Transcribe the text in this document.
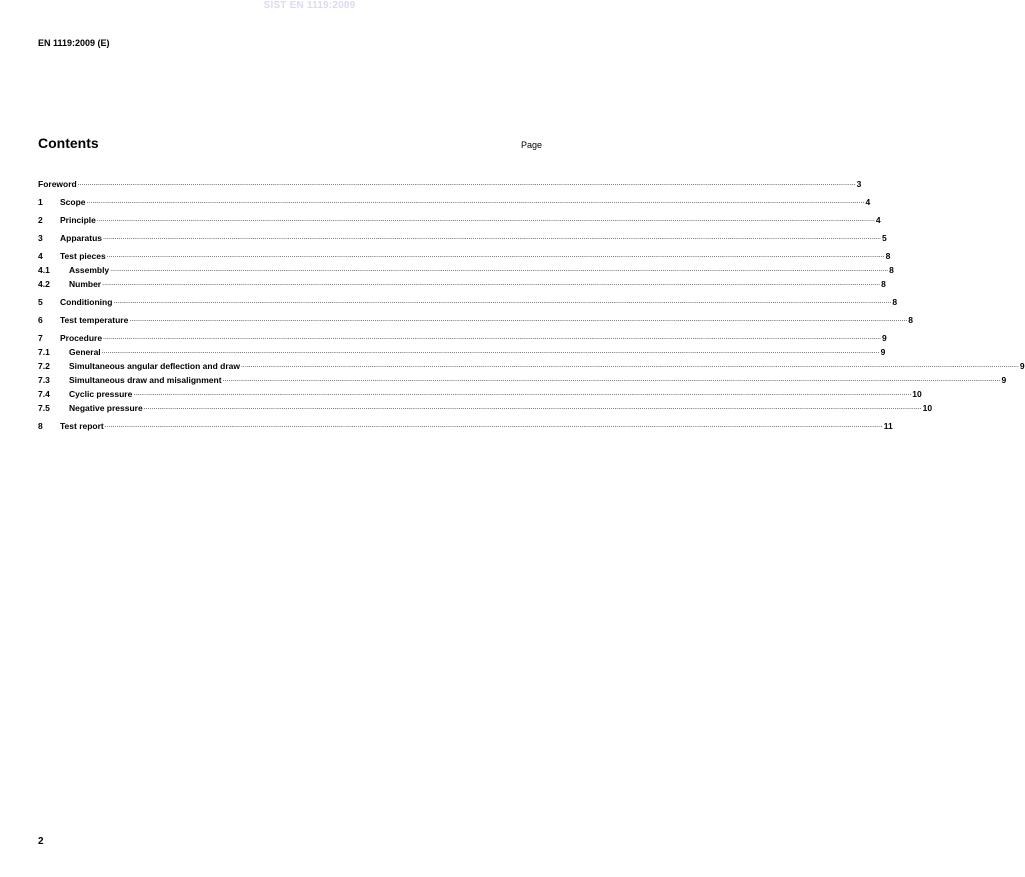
SIST EN 1119:2009
EN 1119:2009 (E)
Contents	Page
Foreword ................................................................................................................................................................................................................................................................................................................................................................................................................ 3
1	Scope ................................................................................................................................................................................................................................................................................................................................................................................................................ 4
2	Principle ................................................................................................................................................................................................................................................................................................................................................................................................................ 4
3	Apparatus ................................................................................................................................................................................................................................................................................................................................................................................................................ 5
4	Test pieces ................................................................................................................................................................................................................................................................................................................................................................................................................ 8
4.1	Assembly ................................................................................................................................................................................................................................................................................................................................................................................................................ 8
4.2	Number ................................................................................................................................................................................................................................................................................................................................................................................................................ 8
5	Conditioning ................................................................................................................................................................................................................................................................................................................................................................................................................ 8
6	Test temperature ................................................................................................................................................................................................................................................................................................................................................................................................................ 8
7	Procedure ................................................................................................................................................................................................................................................................................................................................................................................................................ 9
7.1	General ................................................................................................................................................................................................................................................................................................................................................................................................................ 9
7.2	Simultaneous angular deflection and draw ................................................................................................................................................................................................................................................................................................................................................................................................................ 9
7.3	Simultaneous draw and misalignment ................................................................................................................................................................................................................................................................................................................................................................................................................ 9
7.4	Cyclic pressure ................................................................................................................................................................................................................................................................................................................................................................................................................ 10
7.5	Negative pressure ................................................................................................................................................................................................................................................................................................................................................................................................................ 10
8	Test report ................................................................................................................................................................................................................................................................................................................................................................................................................ 11
2
